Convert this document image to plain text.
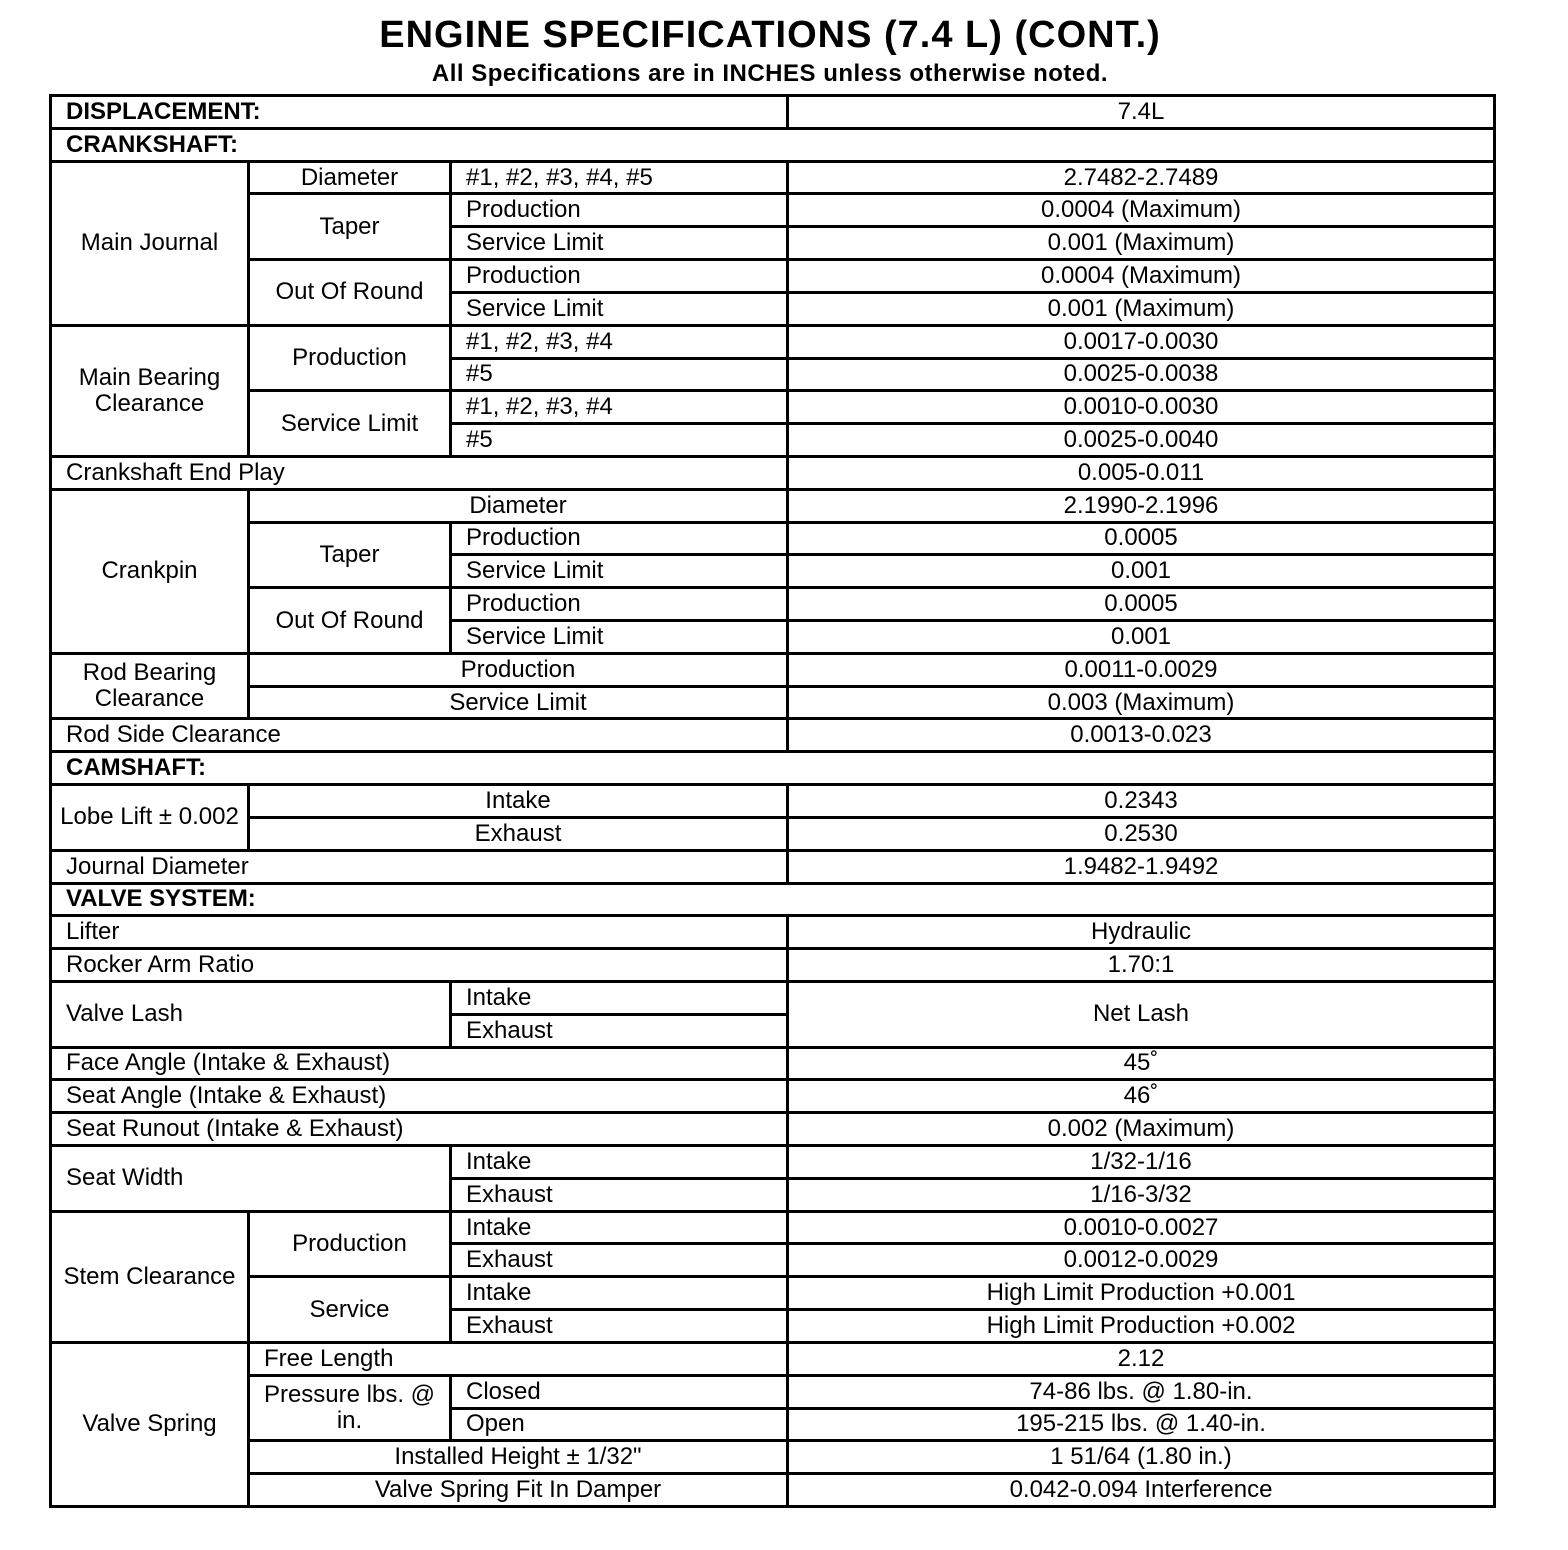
ENGINE SPECIFICATIONS (7.4 L) (CONT.)
All Specifications are in INCHES unless otherwise noted.
DISPLACEMENT:			7.4L
CRANKSHAFT:			
Main Journal	Diameter	#1, #2, #3, #4, #5	2.7482-2.7489
	Taper	Production	0.0004 (Maximum)
		Service Limit	0.001 (Maximum)
	Out Of Round	Production	0.0004 (Maximum)
		Service Limit	0.001 (Maximum)
Main Bearing Clearance	Production	#1, #2, #3, #4	0.0017-0.0030
		#5	0.0025-0.0038
	Service Limit	#1, #2, #3, #4	0.0010-0.0030
		#5	0.0025-0.0040
Crankshaft End Play			0.005-0.011
Crankpin	Diameter		2.1990-2.1996
	Taper	Production	0.0005
		Service Limit	0.001
	Out Of Round	Production	0.0005
		Service Limit	0.001
Rod Bearing Clearance	Production		0.0011-0.0029
	Service Limit		0.003 (Maximum)
Rod Side Clearance			0.0013-0.023
CAMSHAFT:			
Lobe Lift ± 0.002	Intake		0.2343
	Exhaust		0.2530
Journal Diameter			1.9482-1.9492
VALVE SYSTEM:			
Lifter			Hydraulic
Rocker Arm Ratio			1.70:1
Valve Lash		Intake	Net Lash
		Exhaust	
Face Angle (Intake & Exhaust)			45˚
Seat Angle (Intake & Exhaust)			46˚
Seat Runout (Intake & Exhaust)			0.002 (Maximum)
Seat Width		Intake	1/32-1/16
		Exhaust	1/16-3/32
Stem Clearance	Production	Intake	0.0010-0.0027
		Exhaust	0.0012-0.0029
	Service	Intake	High Limit Production +0.001
		Exhaust	High Limit Production +0.002
Valve Spring	Free Length		2.12
	Pressure lbs. @ in.	Closed	74-86 lbs. @ 1.80-in.
		Open	195-215 lbs. @ 1.40-in.
	Installed Height ± 1/32"		1 51/64 (1.80 in.)
	Valve Spring Fit In Damper		0.042-0.094 Interference
